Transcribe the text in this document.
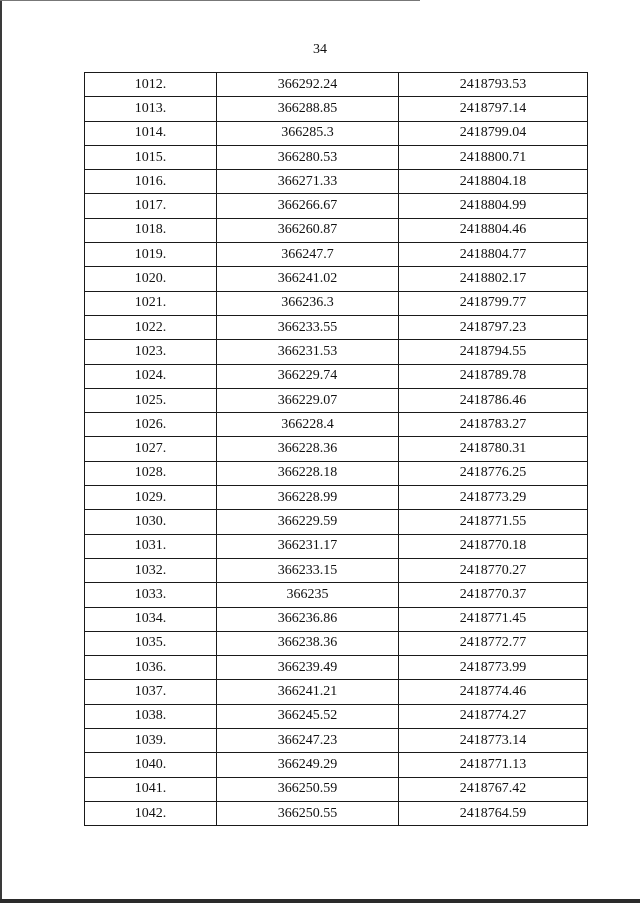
34
1012.	366292.24	2418793.53
1013.	366288.85	2418797.14
1014.	366285.3	2418799.04
1015.	366280.53	2418800.71
1016.	366271.33	2418804.18
1017.	366266.67	2418804.99
1018.	366260.87	2418804.46
1019.	366247.7	2418804.77
1020.	366241.02	2418802.17
1021.	366236.3	2418799.77
1022.	366233.55	2418797.23
1023.	366231.53	2418794.55
1024.	366229.74	2418789.78
1025.	366229.07	2418786.46
1026.	366228.4	2418783.27
1027.	366228.36	2418780.31
1028.	366228.18	2418776.25
1029.	366228.99	2418773.29
1030.	366229.59	2418771.55
1031.	366231.17	2418770.18
1032.	366233.15	2418770.27
1033.	366235	2418770.37
1034.	366236.86	2418771.45
1035.	366238.36	2418772.77
1036.	366239.49	2418773.99
1037.	366241.21	2418774.46
1038.	366245.52	2418774.27
1039.	366247.23	2418773.14
1040.	366249.29	2418771.13
1041.	366250.59	2418767.42
1042.	366250.55	2418764.59
